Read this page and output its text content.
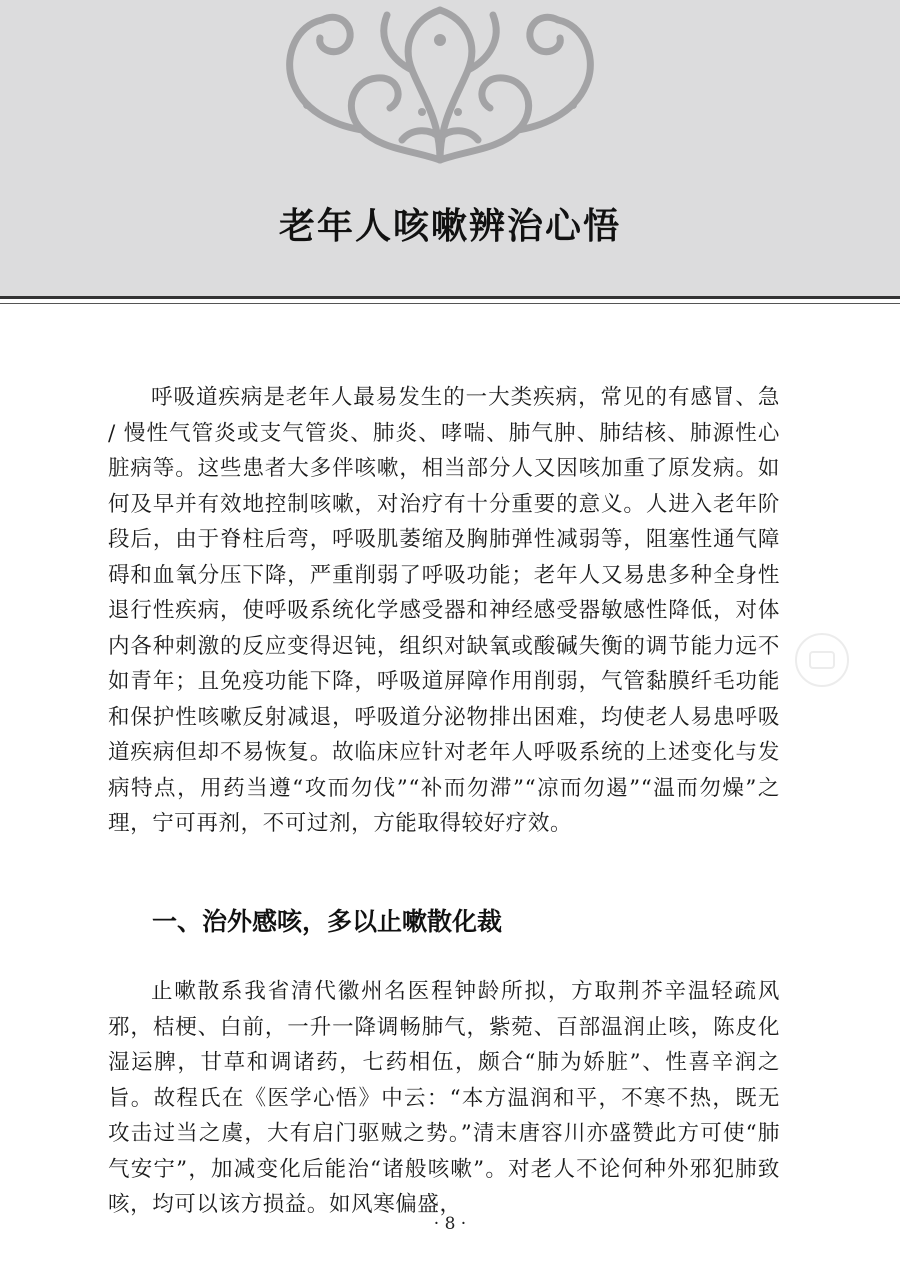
老年人咳嗽辨治心悟

呼吸道疾病是老年人最易发生的一大类疾病，常见的有感冒、急 / 慢性气管炎或支气管炎、肺炎、哮喘、肺气肿、肺结核、肺源性心脏病等。这些患者大多伴咳嗽，相当部分人又因咳加重了原发病。如何及早并有效地控制咳嗽，对治疗有十分重要的意义。人进入老年阶段后，由于脊柱后弯，呼吸肌萎缩及胸肺弹性减弱等，阻塞性通气障碍和血氧分压下降，严重削弱了呼吸功能；老年人又易患多种全身性退行性疾病，使呼吸系统化学感受器和神经感受器敏感性降低，对体内各种刺激的反应变得迟钝，组织对缺氧或酸碱失衡的调节能力远不如青年；且免疫功能下降，呼吸道屏障作用削弱，气管黏膜纤毛功能和保护性咳嗽反射减退，呼吸道分泌物排出困难，均使老人易患呼吸道疾病但却不易恢复。故临床应针对老年人呼吸系统的上述变化与发病特点，用药当遵“攻而勿伐”“补而勿滞”“凉而勿遏”“温而勿燥”之理，宁可再剂，不可过剂，方能取得较好疗效。

一、治外感咳，多以止嗽散化裁

止嗽散系我省清代徽州名医程钟龄所拟，方取荆芥辛温轻疏风邪，桔梗、白前，一升一降调畅肺气，紫菀、百部温润止咳，陈皮化湿运脾，甘草和调诸药，七药相伍，颇合“肺为娇脏”、性喜辛润之旨。故程氏在《医学心悟》中云：“本方温润和平，不寒不热，既无攻击过当之虞，大有启门驱贼之势。”清末唐容川亦盛赞此方可使“肺气安宁”，加减变化后能治“诸般咳嗽”。对老人不论何种外邪犯肺致咳，均可以该方损益。如风寒偏盛，

· 8 ·
